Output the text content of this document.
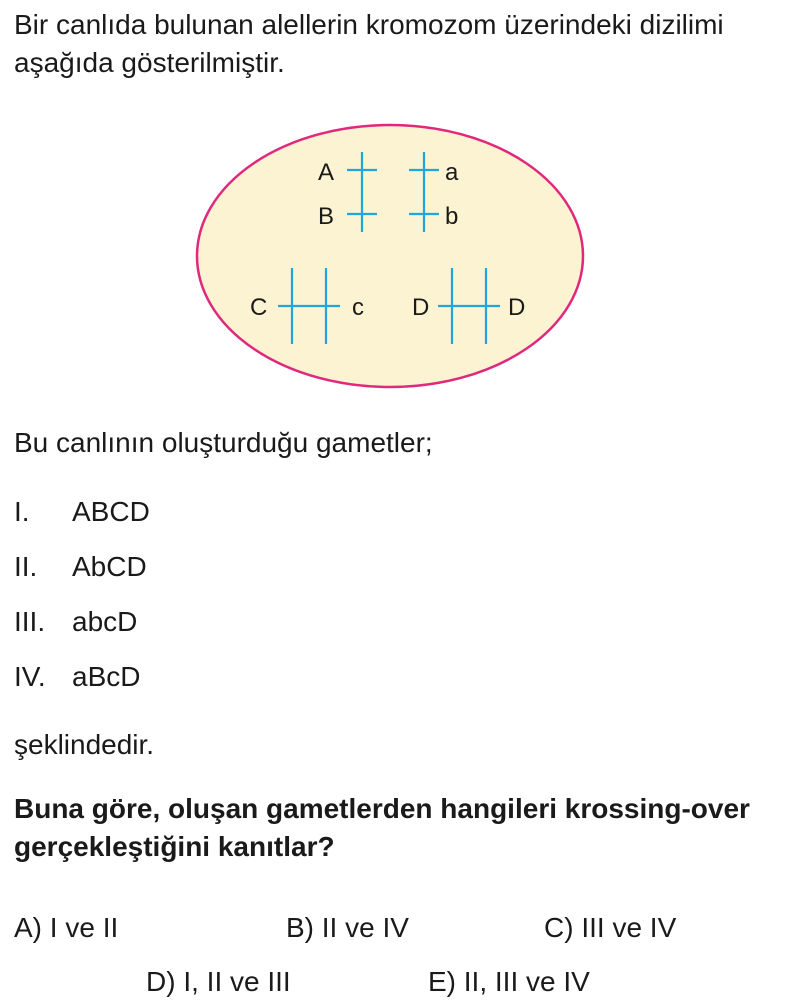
Bir canlıda bulunan alellerin kromozom üzerindeki dizilimi aşağıda gösterilmiştir.
A
B
a
b
C	c D	D
Bu canlının oluşturduğu gametler;
I. ABCD
II. AbCD
III. abcD
IV. aBcD
şeklindedir.
Buna göre, oluşan gametlerden hangileri krossing-over gerçekleştiğini kanıtlar?
A) I ve II	B) II ve IV	C) III ve IV
D) I, II ve III	E) II, III ve IV
